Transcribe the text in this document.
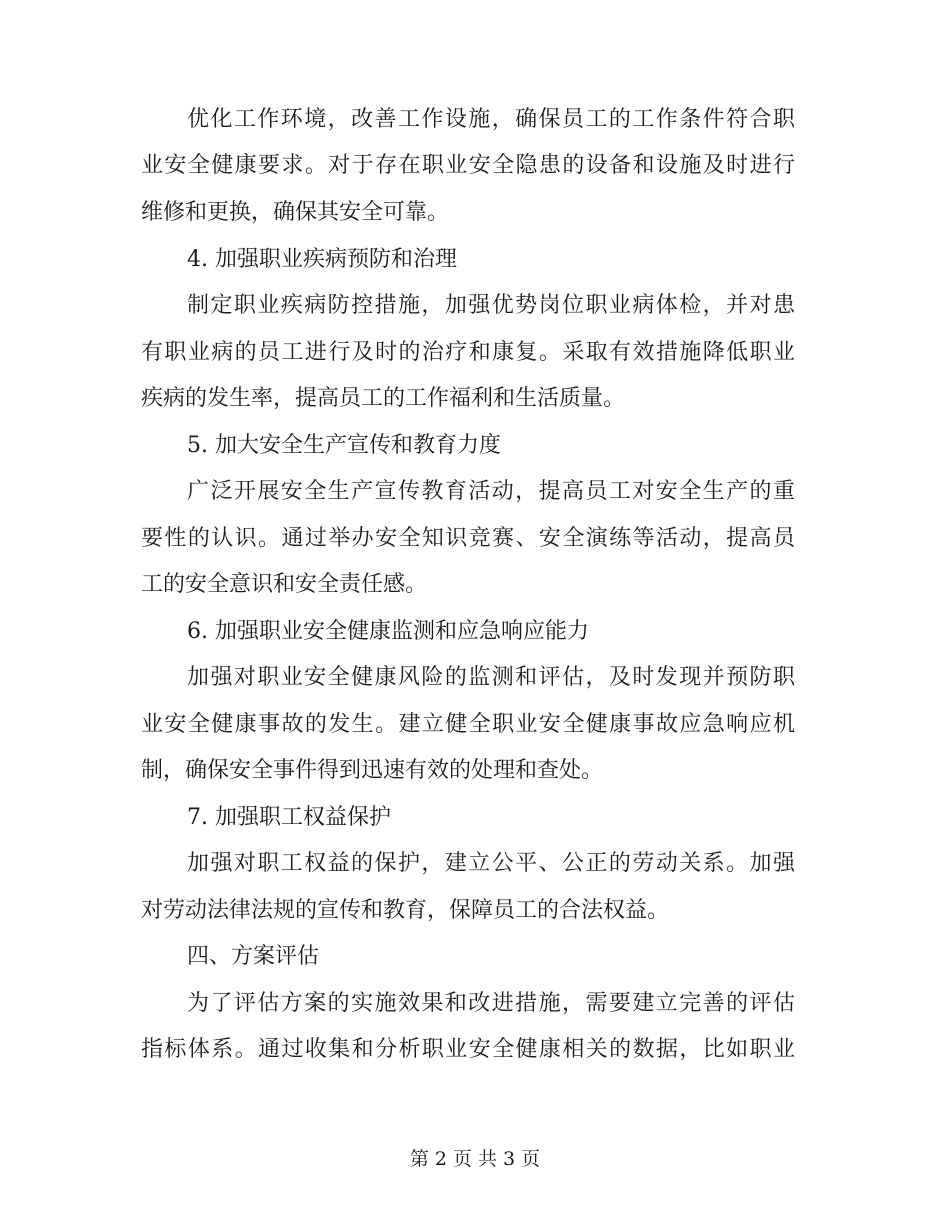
优化工作环境，改善工作设施，确保员工的工作条件符合职
业安全健康要求。对于存在职业安全隐患的设备和设施及时进行
维修和更换，确保其安全可靠。
4. 加强职业疾病预防和治理
制定职业疾病防控措施，加强优势岗位职业病体检，并对患
有职业病的员工进行及时的治疗和康复。采取有效措施降低职业
疾病的发生率，提高员工的工作福利和生活质量。
5. 加大安全生产宣传和教育力度
广泛开展安全生产宣传教育活动，提高员工对安全生产的重
要性的认识。通过举办安全知识竞赛、安全演练等活动，提高员
工的安全意识和安全责任感。
6. 加强职业安全健康监测和应急响应能力
加强对职业安全健康风险的监测和评估，及时发现并预防职
业安全健康事故的发生。建立健全职业安全健康事故应急响应机
制，确保安全事件得到迅速有效的处理和查处。
7. 加强职工权益保护
加强对职工权益的保护，建立公平、公正的劳动关系。加强
对劳动法律法规的宣传和教育，保障员工的合法权益。
四、方案评估
为了评估方案的实施效果和改进措施，需要建立完善的评估
指标体系。通过收集和分析职业安全健康相关的数据，比如职业
第 2 页 共 3 页
